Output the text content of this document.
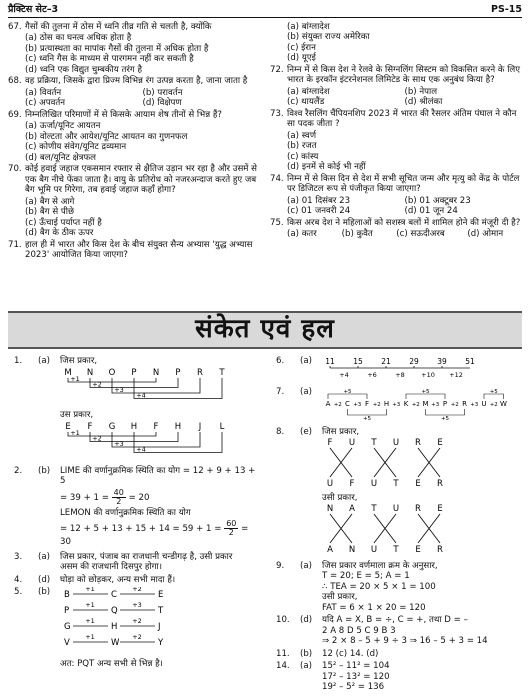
प्रैक्टिस सेट–3	PS-15
67. गैसों की तुलना में ठोस में ध्वनि तीव्र गति से चलती है, क्योंकि
(a) ठोस का घनत्व अधिक होता है
(b) प्रत्यास्थता का मापांक गैसों की तुलना में अधिक होता है
(c) ध्वनि गैस के माध्यम से पारगमन नहीं कर सकती है
(d) ध्वनि एक विद्युत चुम्बकीय तरंग है
68. वह प्रक्रिया, जिसके द्वारा प्रिज्म विभिन्न रंग उत्पन्न करता है, जाना जाता है
(a) विवर्तन	(b) परावर्तन
(c) अपवर्तन	(d) विक्षेपण
69. निम्नलिखित परिमाणों में से किसके आयाम शेष तीनों से भिन्न हैं?
(a) ऊर्जा/यूनिट आयतन
(b) वोल्टता और आयेश/यूनिट आयतन का गुणनफल
(c) कोणीय संवेग/यूनिट द्रव्यमान
(d) बल/यूनिट क्षेत्रफल
70. कोई हवाई जहाज एकसमान रफ्तार से क्षैतिज उड़ान भर रहा है और उसमें से एक बैग नीचे फेंका जाता है। वायु के प्रतिरोध को नजरअन्दाज करते हुए जब बैग भूमि पर गिरेगा, तब हवाई जहाज कहाँ होगा?
(a) बैग से आगे
(b) बैग से पीछे
(c) ऊँचाई पर्याप्त नहीं है
(d) बैग के ठीक ऊपर
71. हाल ही में भारत और किस देश के बीच संयुक्त सैन्य अभ्यास 'युद्ध अभ्यास 2023' आयोजित किया जाएगा?
(a) बांग्लादेश
(b) संयुक्त राज्य अमेरिका
(c) ईरान
(d) यूएई
72. निम्न में से किस देश ने रेलवे के सिग्नलिंग सिस्टम को विकसित करने के लिए भारत के इरकॉन इंटरनेशनल लिमिटेड के साथ एक अनुबंध किया है?
(a) बांग्लादेश	(b) नेपाल
(c) थायलैंड	(d) श्रीलंका
73. विश्व रैसलिंग चैंपियनशिप 2023 में भारत की रैसलर अंतिम पंघाल ने कौन सा पदक जीता ?
(a) स्वर्ण
(b) रजत
(c) कांस्य
(d) इनमें से कोई भी नहीं
74. निम्न में से किस दिन से देश में सभी सूचित जन्म और मृत्यु को केंद्र के पोर्टल पर डिजिटल रूप से पंजीकृत किया जाएगा?
(a) 01 दिसंबर 23	(b) 01 अक्टूबर 23
(c) 01 जनवरी 24	(d) 01 जून 24
75. किस अरब देश ने महिलाओं को सशस्त्र बलों में शामिल होने की मंजूरी दी है?
(a) कतर	(b) कुवैत	(c) सऊदीअरब	(d) ओमान
संकेत एवं हल
1.	(a)	जिस प्रकार,
M N O P N P R T
+1
+2
+3
+4
उस प्रकार,
E F G H F H J L
+1
+2
+3
+4
2.	(b)	LIME की वर्णानुक्रमिक स्थिति का योग = 12 + 9 + 13 + 5
= $39 + 1 = \frac{40}{2} = 20$
LEMON की वर्णानुक्रमिक स्थिति का योग
= $12 + 5 + 13 + 15 + 14 = 59 + 1 = \frac{60}{2} = 30$
3.	(a)	जिस प्रकार, पंजाब का राजधानी चन्डीगढ़ है, उसी प्रकार
असम की राजधानी दिसपुर होगा।
4.	(d)	घोड़ा को छोड़कर, अन्य सभी मादा हैं।
5.	(b)	B
+1
C
+2
E
P
+1
Q
+3
T
G
+1
H
+2
J
V
+1
W
+2
Y
अत: PQT अन्य सभी से भिन्न है।
6.	(a)	11 15 21 29 39 51
+4	+6	+8	+10 +12
7.	(a)
A C F H K M P R U W
+2 +3 +2 +3 +2 +3 +2 +3 +2
+5	+5	+5
+5	+5
8.	(e)	जिस प्रकार,
F U T U R E
U F U T E R
उसी प्रकार,
N A T U R E
A N U T E R
9.	(a)	जिस प्रकार वर्णमाला क्रम के अनुसार,
T = 20; E = 5; A = 1
∴ TEA = 20 × 5 × 1 = 100
उसी प्रकार,
FAT = 6 × 1 × 20 = 120
10.	(d)	यदि A = X, B = ÷, C = +, तथा D = –
2 A 8 D 5 C 9 B 3
⇒ 2 × 8 – 5 + 9 ÷ 3 ⇒ 16 – 5 + 3 = 14
11.	(b)	12 (c) 14. (d)
14.	(a)	15² – 11² = 104
17² – 13² = 120
19² – 5² = 136
